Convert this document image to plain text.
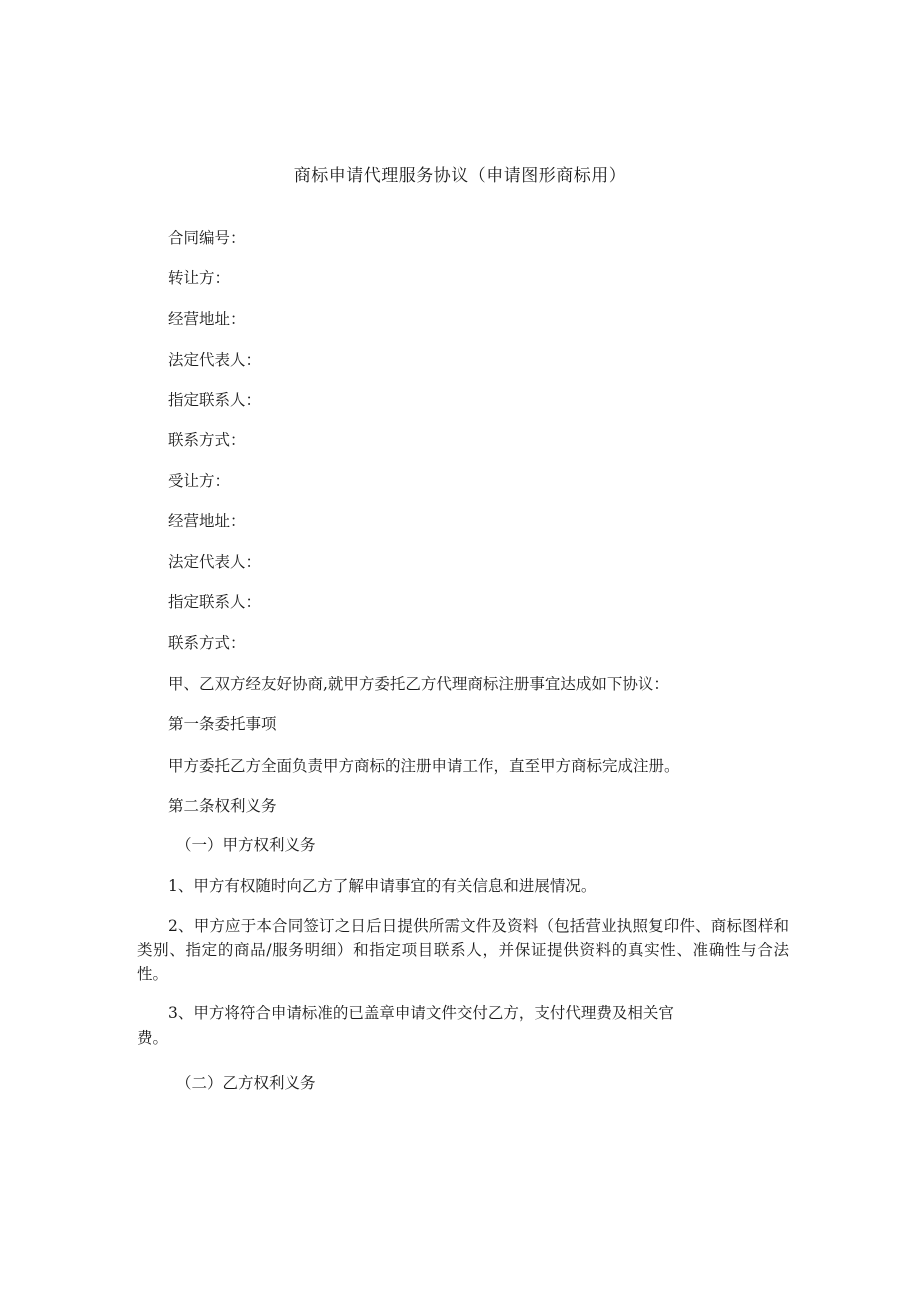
商标申请代理服务协议（申请图形商标用）
合同编号：
转让方：
经营地址：
法定代表人：
指定联系人：
联系方式：
受让方：
经营地址：
法定代表人：
指定联系人：
联系方式：
甲、乙双方经友好协商,就甲方委托乙方代理商标注册事宜达成如下协议：
第一条委托事项
甲方委托乙方全面负责甲方商标的注册申请工作，直至甲方商标完成注册。
第二条权利义务
（一）甲方权利义务
1、甲方有权随时向乙方了解申请事宜的有关信息和进展情况。
2、甲方应于本合同签订之日后日提供所需文件及资料（包括营业执照复印件、商标图样和类别、指定的商品/服务明细）和指定项目联系人，并保证提供资料的真实性、准确性与合法性。
3、甲方将符合申请标准的已盖章申请文件交付乙方，支付代理费及相关官
费。
（二）乙方权利义务
